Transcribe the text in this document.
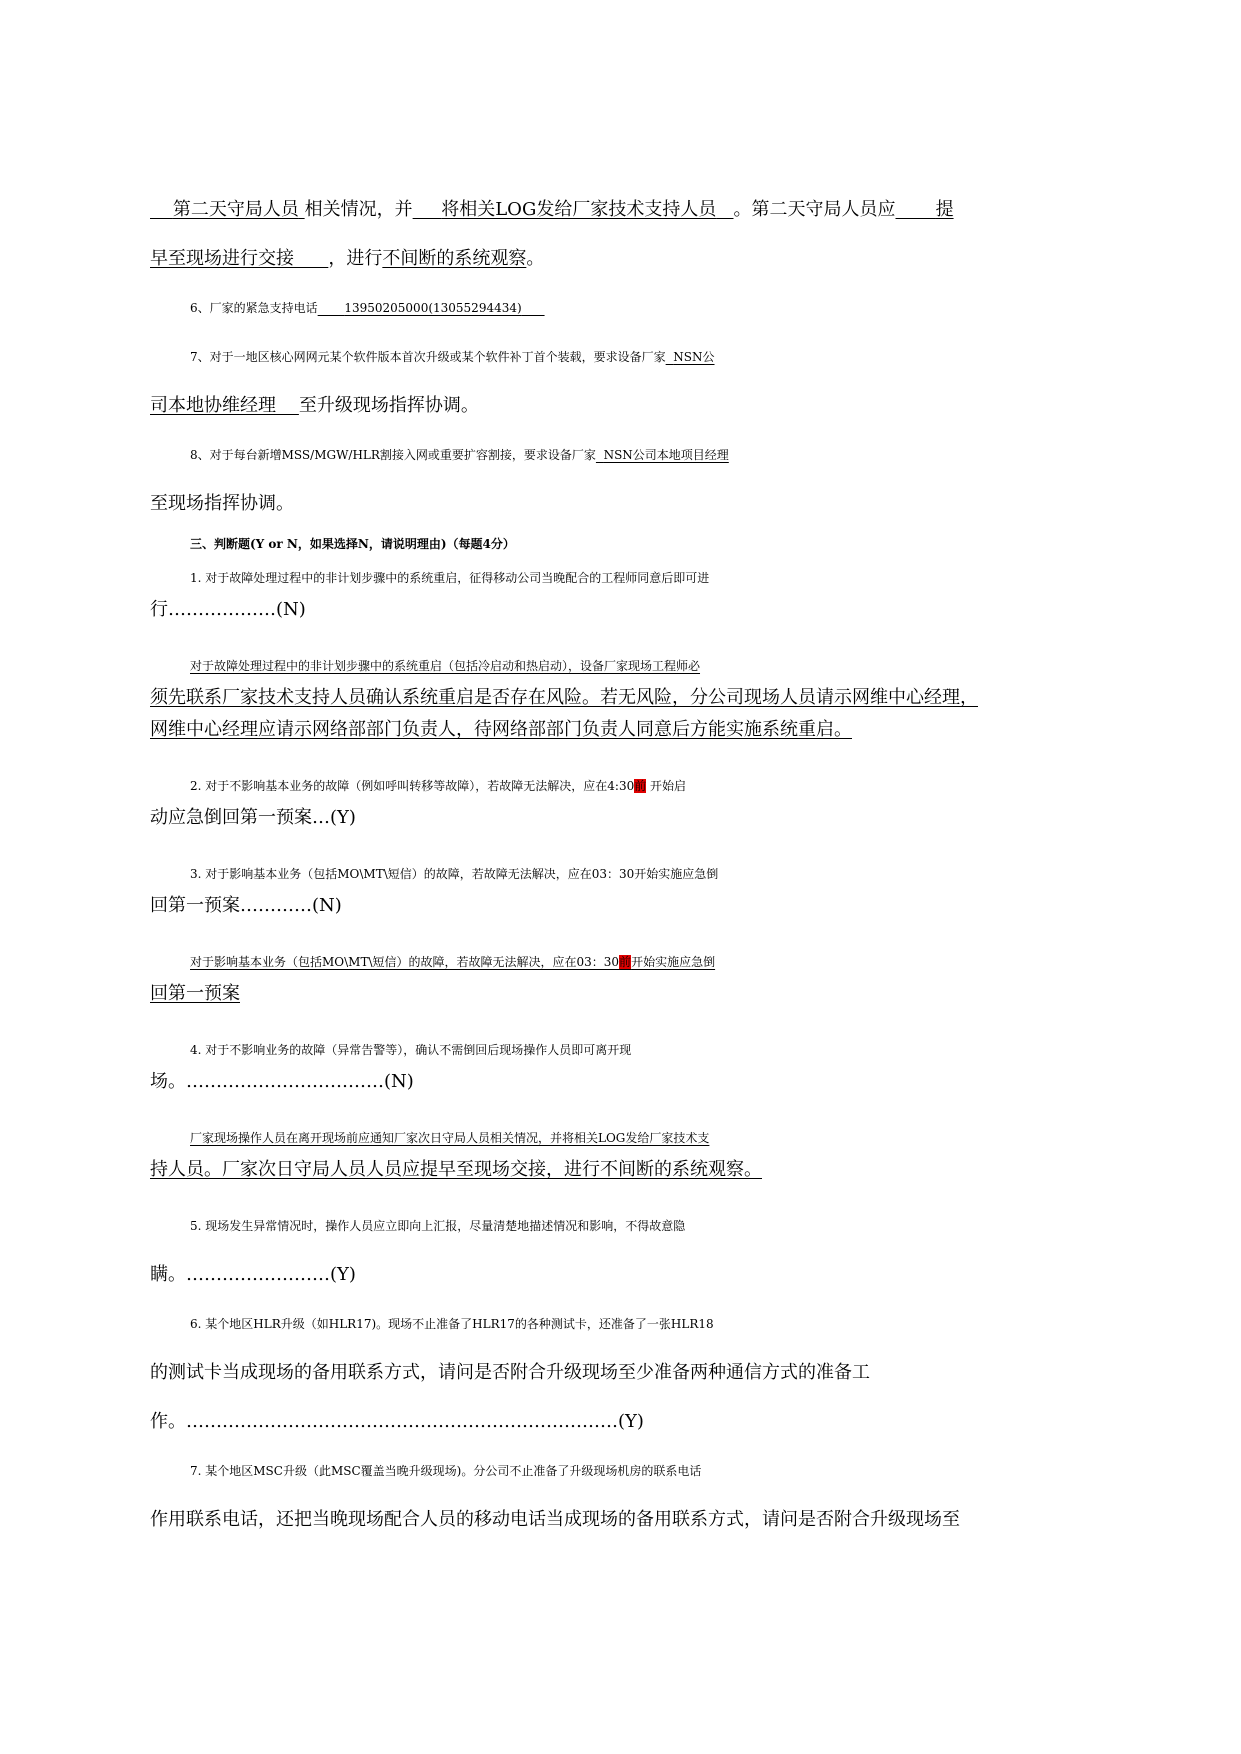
第二天守局人员 相关情况，并 将相关LOG发给厂家技术支持人员 。第二天守局人员应 提
早至现场进行交接 ，进行不间断的系统观察。
6、厂家的紧急支持电话 13950205000(13055294434)
7、对于一地区核心网网元某个软件版本首次升级或某个软件补丁首个装载，要求设备厂家 NSN公
司本地协维经理 至升级现场指挥协调。
8、对于每台新增MSS/MGW/HLR割接入网或重要扩容割接，要求设备厂家 NSN公司本地项目经理
至现场指挥协调。
三、判断题(Y or N，如果选择N，请说明理由)（每题4分）
1. 对于故障处理过程中的非计划步骤中的系统重启，征得移动公司当晚配合的工程师同意后即可进
行………………(N)
对于故障处理过程中的非计划步骤中的系统重启（包括冷启动和热启动），设备厂家现场工程师必
须先联系厂家技术支持人员确认系统重启是否存在风险。若无风险，分公司现场人员请示网维中心经理，
网维中心经理应请示网络部部门负责人，待网络部部门负责人同意后方能实施系统重启。
2. 对于不影响基本业务的故障（例如呼叫转移等故障），若故障无法解决，应在4:30前 开始启
动应急倒回第一预案…(Y)
3. 对于影响基本业务（包括MO\MT\短信）的故障，若故障无法解决，应在03：30开始实施应急倒
回第一预案…………(N)
对于影响基本业务（包括MO\MT\短信）的故障，若故障无法解决，应在03：30前开始实施应急倒
回第一预案
4. 对于不影响业务的故障（异常告警等），确认不需倒回后现场操作人员即可离开现
场。……………………………(N)
厂家现场操作人员在离开现场前应通知厂家次日守局人员相关情况，并将相关LOG发给厂家技术支
持人员。厂家次日守局人员人员应提早至现场交接，进行不间断的系统观察。
5. 现场发生异常情况时，操作人员应立即向上汇报，尽量清楚地描述情况和影响，不得故意隐
瞒。……………………(Y)
6. 某个地区HLR升级（如HLR17)。现场不止准备了HLR17的各种测试卡，还准备了一张HLR18
的测试卡当成现场的备用联系方式，请问是否附合升级现场至少准备两种通信方式的准备工
作。………………………………………………………………(Y)
7. 某个地区MSC升级（此MSC覆盖当晚升级现场)。分公司不止准备了升级现场机房的联系电话
作用联系电话，还把当晚现场配合人员的移动电话当成现场的备用联系方式，请问是否附合升级现场至
